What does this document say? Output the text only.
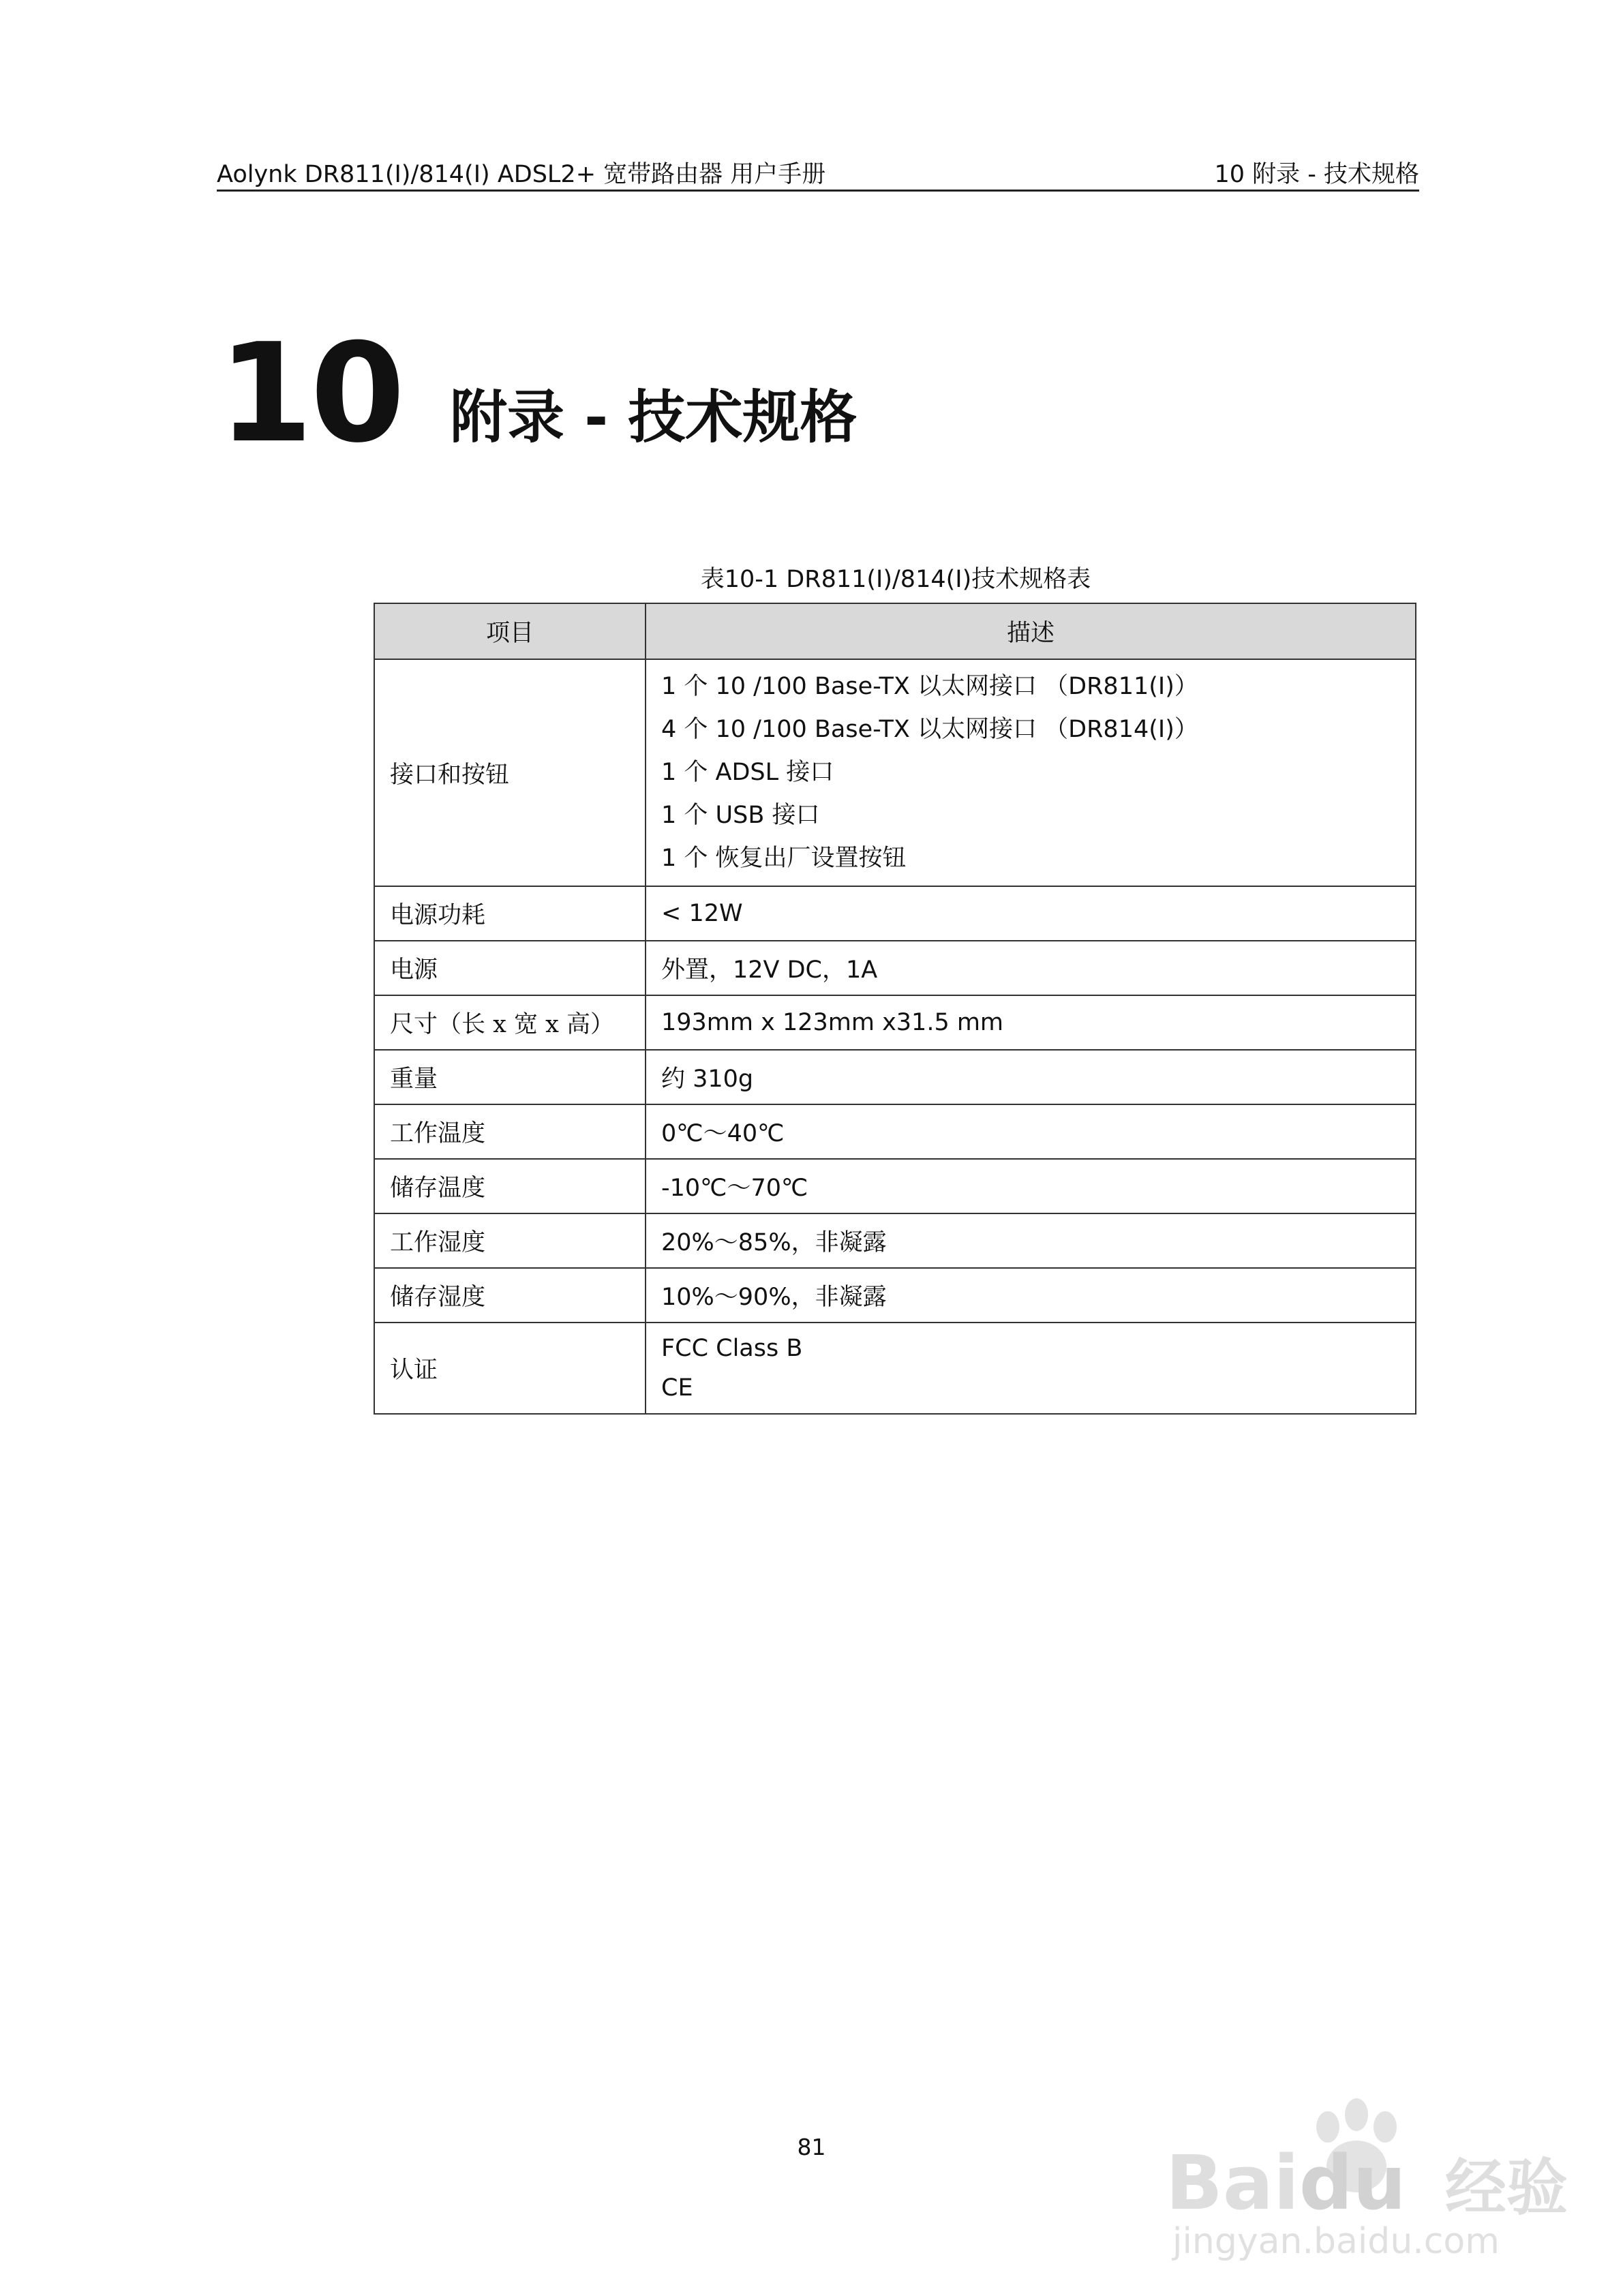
Aolynk DR811(I)/814(I) ADSL2+ 宽带路由器 用户手册	10 附录 - 技术规格
10 附录 - 技术规格
表10-1 DR811(I)/814(I)技术规格表
项目	描述
接口和按钮	1 个 10 /100 Base-TX 以太网接口 （DR811(I)）
4 个 10 /100 Base-TX 以太网接口 （DR814(I)）
1 个 ADSL 接口
1 个 USB 接口
1 个 恢复出厂设置按钮

电源功耗	< 12W
电源	外置，12V DC，1A
尺寸（长 x 宽 x 高）	193mm x 123mm x31.5 mm
重量	约 310g
工作温度	0℃～40℃
储存温度	-10℃～70℃
工作湿度	20%～85%，非凝露
储存湿度	10%～90%，非凝露
认证	FCC Class B
CE
81	Baidu 经验
jingyan.baidu.com
